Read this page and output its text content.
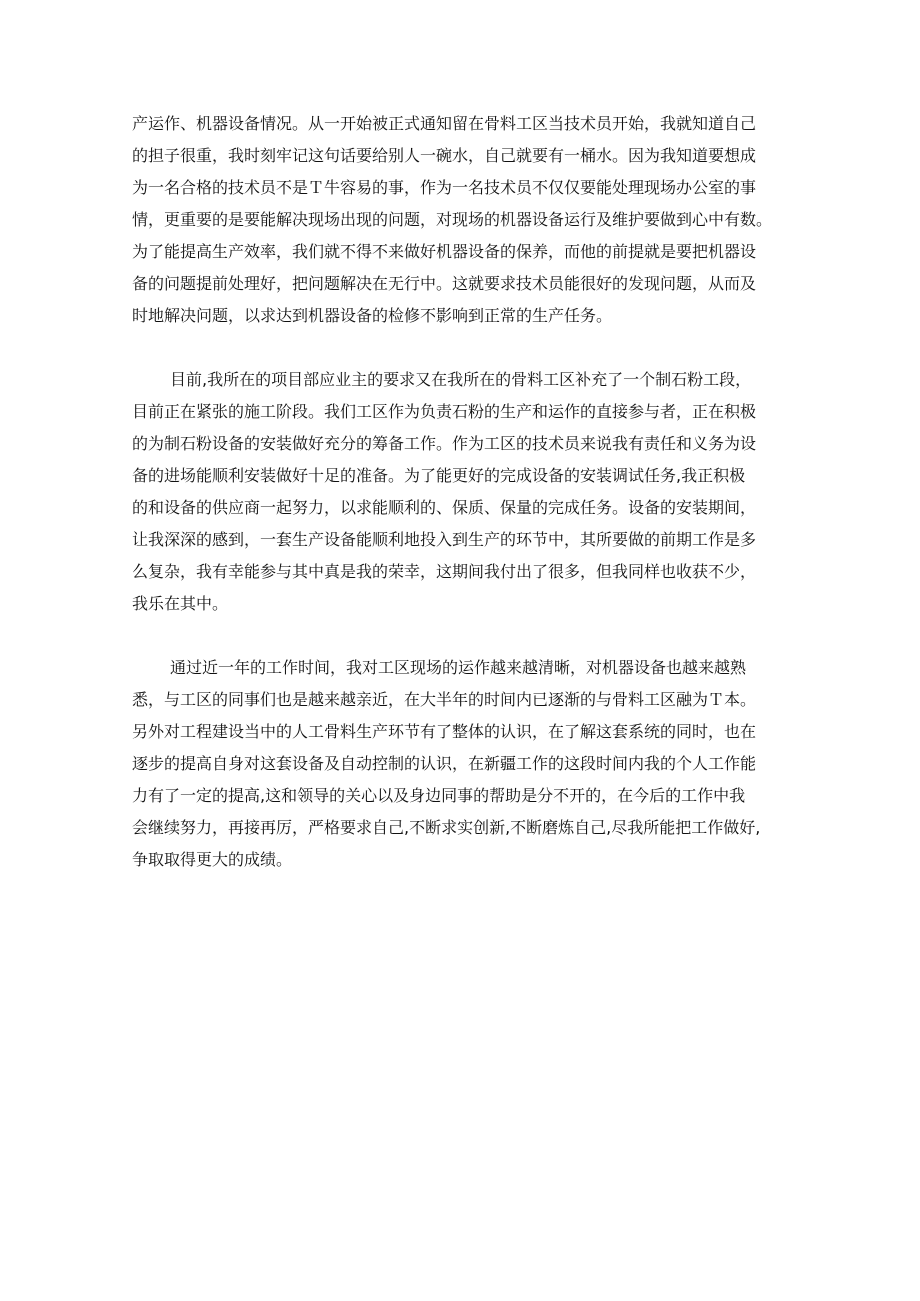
产运作、机器设备情况。从一开始被正式通知留在骨料工区当技术员开始，我就知道自己
的担子很重，我时刻牢记这句话要给别人一碗水，自己就要有一桶水。因为我知道要想成
为一名合格的技术员不是Ｔ牛容易的事，作为一名技术员不仅仅要能处理现场办公室的事
情，更重要的是要能解决现场出现的问题，对现场的机器设备运行及维护要做到心中有数。
为了能提高生产效率，我们就不得不来做好机器设备的保养，而他的前提就是要把机器设
备的问题提前处理好，把问题解决在无行中。这就要求技术员能很好的发现问题，从而及
时地解决问题，以求达到机器设备的检修不影响到正常的生产任务。
目前,我所在的项目部应业主的要求又在我所在的骨料工区补充了一个制石粉工段，
目前正在紧张的施工阶段。我们工区作为负责石粉的生产和运作的直接参与者，正在积极
的为制石粉设备的安装做好充分的筹备工作。作为工区的技术员来说我有责任和义务为设
备的进场能顺利安装做好十足的准备。为了能更好的完成设备的安装调试任务,我正积极
的和设备的供应商一起努力，以求能顺利的、保质、保量的完成任务。设备的安装期间，
让我深深的感到，一套生产设备能顺利地投入到生产的环节中，其所要做的前期工作是多
么复杂，我有幸能参与其中真是我的荣幸，这期间我付出了很多，但我同样也收获不少，
我乐在其中。
通过近一年的工作时间，我对工区现场的运作越来越清晰，对机器设备也越来越熟
悉，与工区的同事们也是越来越亲近，在大半年的时间内已逐渐的与骨料工区融为Ｔ本。
另外对工程建设当中的人工骨料生产环节有了整体的认识，在了解这套系统的同时，也在
逐步的提高自身对这套设备及自动控制的认识，在新疆工作的这段时间内我的个人工作能
力有了一定的提高,这和领导的关心以及身边同事的帮助是分不开的，在今后的工作中我
会继续努力，再接再厉，严格要求自己,不断求实创新,不断磨炼自己,尽我所能把工作做好,
争取取得更大的成绩。
